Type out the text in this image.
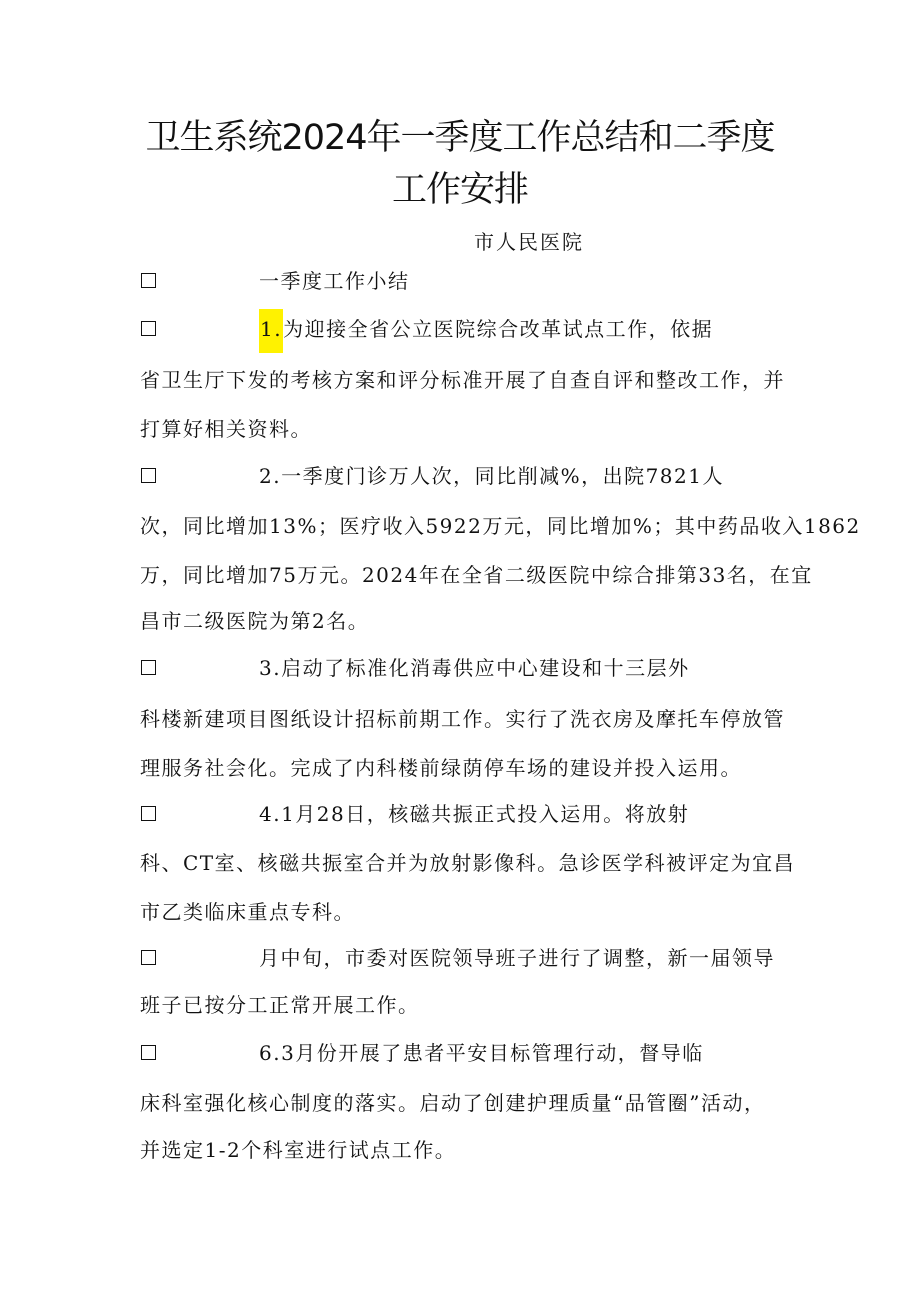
卫生系统2024年一季度工作总结和二季度
工作安排
市人民医院
一季度工作小结
1.为迎接全省公立医院综合改革试点工作，依据
省卫生厅下发的考核方案和评分标准开展了自查自评和整改工作，并
打算好相关资料。
2.一季度门诊万人次，同比削减%，出院7821人
次，同比增加13%；医疗收入5922万元，同比增加%；其中药品收入1862
万，同比增加75万元。2024年在全省二级医院中综合排第33名，在宜
昌市二级医院为第2名。
3.启动了标准化消毒供应中心建设和十三层外
科楼新建项目图纸设计招标前期工作。实行了洗衣房及摩托车停放管
理服务社会化。完成了内科楼前绿荫停车场的建设并投入运用。
4.1月28日，核磁共振正式投入运用。将放射
科、CT室、核磁共振室合并为放射影像科。急诊医学科被评定为宜昌
市乙类临床重点专科。
月中旬，市委对医院领导班子进行了调整，新一届领导
班子已按分工正常开展工作。
6.3月份开展了患者平安目标管理行动，督导临
床科室强化核心制度的落实。启动了创建护理质量“品管圈”活动，
并选定1-2个科室进行试点工作。
